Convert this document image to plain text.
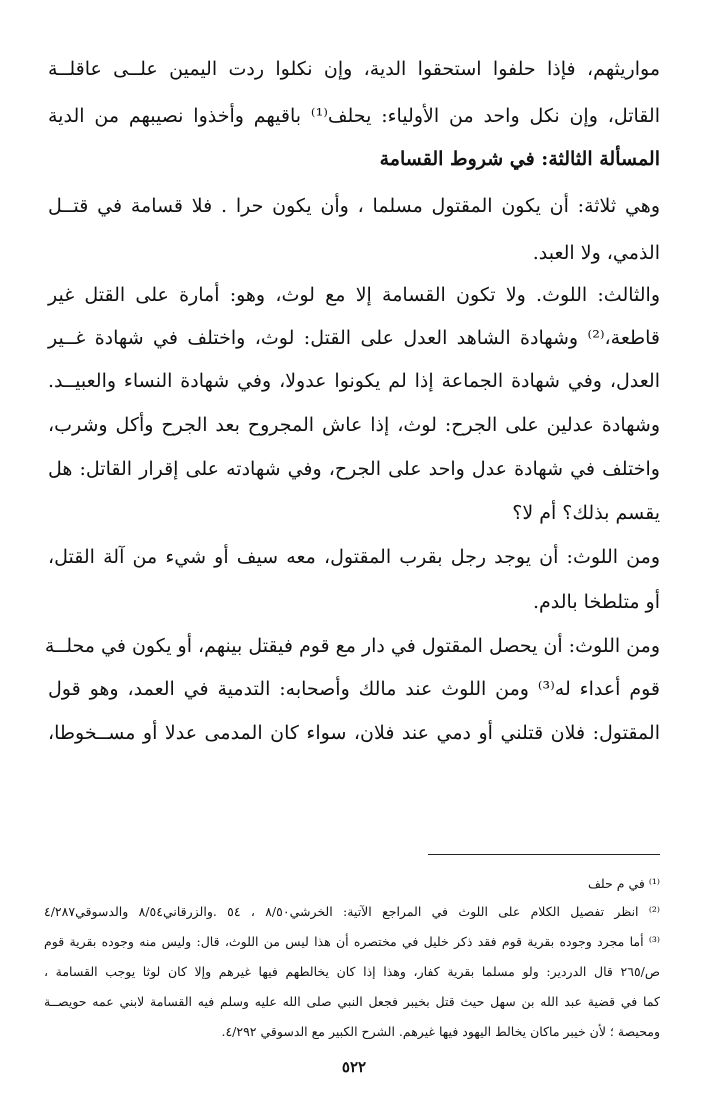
مواريثهم، فإذا حلفوا استحقوا الدية، وإن نكلوا ردت اليمين علــى عاقلــة
القاتل، وإن نكل واحد من الأولياء: يحلف⁽¹⁾ باقيهم وأخذوا نصيبهم من الدية
المسألة الثالثة: في شروط القسامة
وهي ثلاثة: أن يكون المقتول مسلما ، وأن يكون حرا . فلا قسامة في قتــل
الذمي، ولا العبد.
والثالث: اللوث. ولا تكون القسامة إلا مع لوث، وهو: أمارة على القتل غير
قاطعة،⁽²⁾ وشهادة الشاهد العدل على القتل: لوث، واختلف في شهادة غــير
العدل، وفي شهادة الجماعة إذا لم يكونوا عدولا، وفي شهادة النساء والعبيــد.
وشهادة عدلين على الجرح: لوث، إذا عاش المجروح بعد الجرح وأكل وشرب،
واختلف في شهادة عدل واحد على الجرح، وفي شهادته على إقرار القاتل: هل
يقسم بذلك؟ أم لا؟
ومن اللوث: أن يوجد رجل بقرب المقتول، معه سيف أو شيء من آلة القتل،
أو متلطخا بالدم.
ومن اللوث: أن يحصل المقتول في دار مع قوم فيقتل بينهم، أو يكون في محلــة
قوم أعداء له⁽³⁾ ومن اللوث عند مالك وأصحابه: التدمية في العمد، وهو قول
المقتول: فلان قتلني أو دمي عند فلان، سواء كان المدمى عدلا أو مســخوطا،
⁽¹⁾ في م حلف
⁽²⁾ انظر تفصيل الكلام على اللوث في المراجع الآتية: الخرشي٨/٥٠ ، ٥٤ .والزرقاني٨/٥٤ والدسوقي٤/٢٨٧
⁽³⁾ أما مجرد وجوده بقرية قوم فقد ذكر خليل في مختصره أن هذا ليس من اللوث، قال: وليس منه وجوده بقرية قوم
ص/٢٦٥ قال الدردير: ولو مسلما بقرية كفار، وهذا إذا كان يخالطهم فيها غيرهم وإلا كان لوثا يوجب القسامة ،
كما في قضية عبد الله بن سهل حيث قتل بخيبر فجعل النبي صلى الله عليه وسلم فيه القسامة لابني عمه حويصــة
ومحيصة ؛ لأن خيبر ماكان يخالط اليهود فيها غيرهم. الشرح الكبير مع الدسوقي ٤/٢٩٢.
٥٢٢
